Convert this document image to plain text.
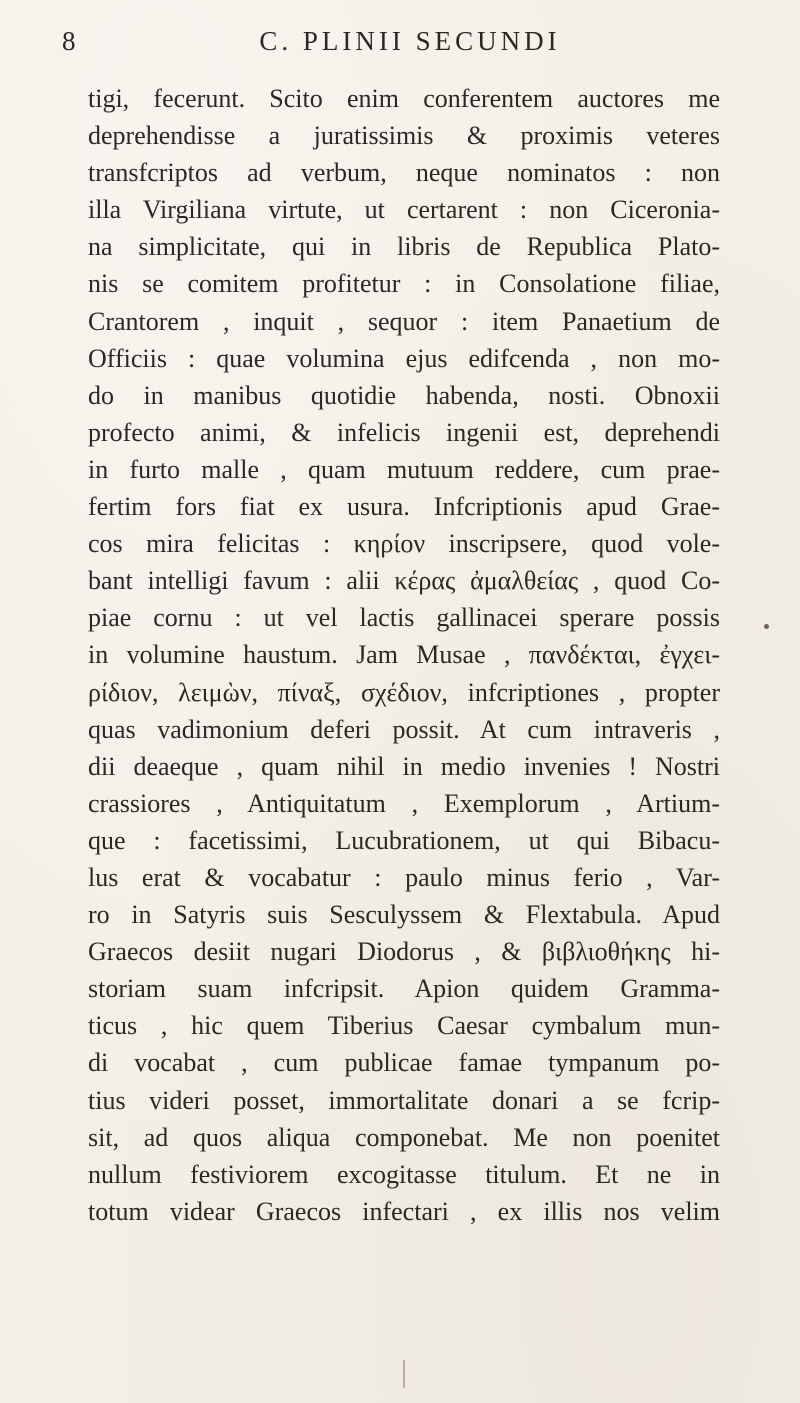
8	C. PLINII SECUNDI
tigi, fecerunt. Scito enim conferentem auctores me
deprehendisse a juratissimis & proximis veteres
transfcriptos ad verbum, neque nominatos : non
illa Virgiliana virtute, ut certarent : non Ciceronia-
na simplicitate, qui in libris de Republica Plato-
nis se comitem profitetur : in Consolatione filiae,
Crantorem , inquit , sequor : item Panaetium de
Officiis : quae volumina ejus edifcenda , non mo-
do in manibus quotidie habenda, nosti. Obnoxii
profecto animi, & infelicis ingenii est, deprehendi
in furto malle , quam mutuum reddere, cum prae-
fertim fors fiat ex usura. Infcriptionis apud Grae-
cos mira felicitas : κηρίον inscripsere, quod vole-
bant intelligi favum : alii κέρας ἀμαλθείας , quod Co-
piae cornu : ut vel lactis gallinacei sperare possis
in volumine haustum. Jam Musae , πανδέκται, ἐγχει-
ρίδιον, λειμὼν, πίναξ, σχέδιον, infcriptiones , propter
quas vadimonium deferi possit. At cum intraveris ,
dii deaeque , quam nihil in medio invenies ! Nostri
crassiores , Antiquitatum , Exemplorum , Artium-
que : facetissimi, Lucubrationem, ut qui Bibacu-
lus erat & vocabatur : paulo minus ferio , Var-
ro in Satyris suis Sesculyssem & Flextabula. Apud
Graecos desiit nugari Diodorus , & βιβλιοθήκης hi-
storiam suam infcripsit. Apion quidem Gramma-
ticus , hic quem Tiberius Caesar cymbalum mun-
di vocabat , cum publicae famae tympanum po-
tius videri posset, immortalitate donari a se fcrip-
sit, ad quos aliqua componebat. Me non poenitet
nullum festiviorem excogitasse titulum. Et ne in
totum videar Graecos infectari , ex illis nos velim
